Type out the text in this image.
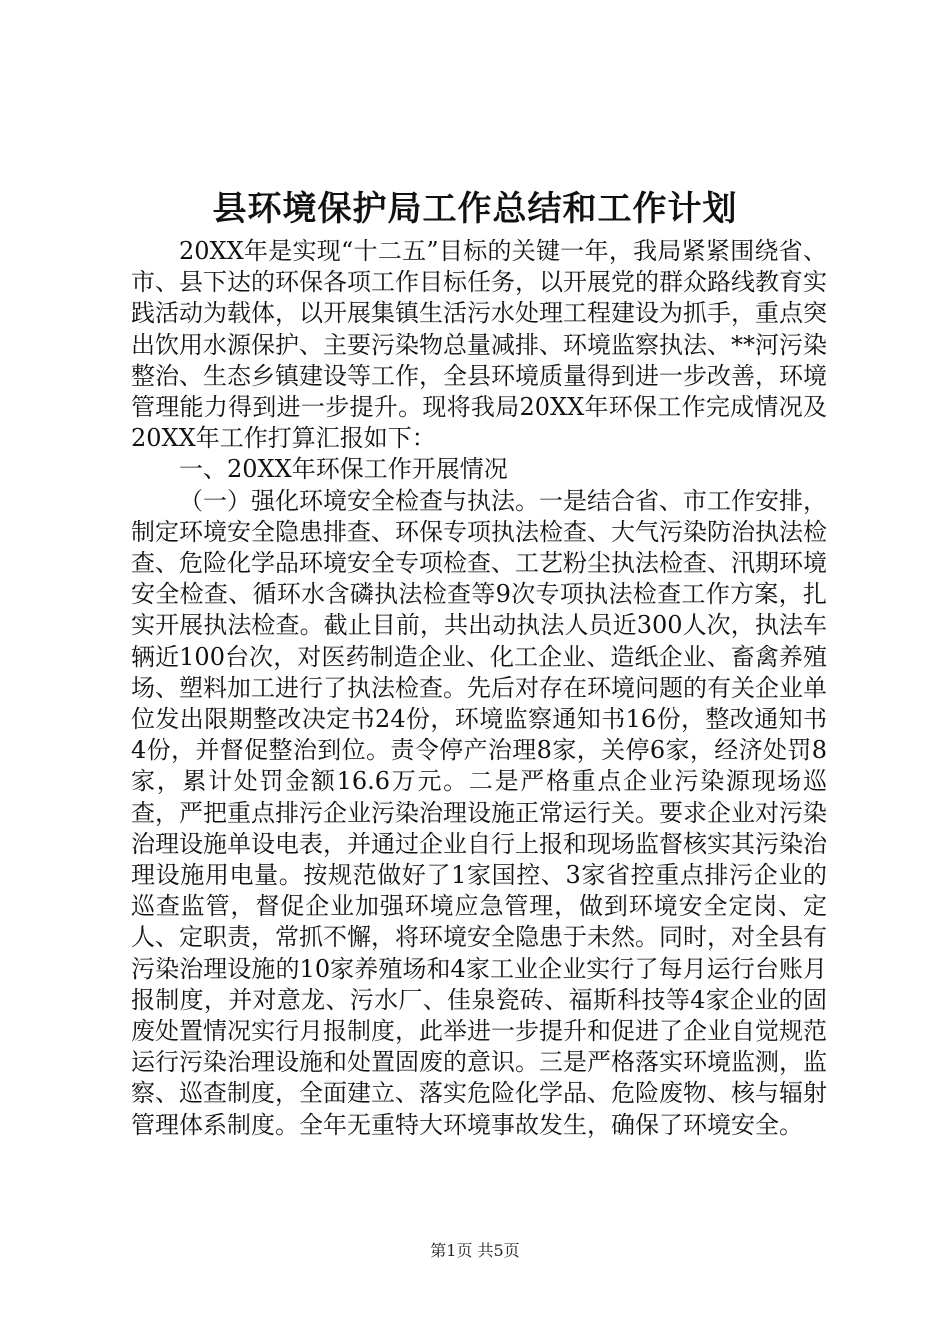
县环境保护局工作总结和工作计划

20XX年是实现“十二五”目标的关键一年，我局紧紧围绕省、市、县下达的环保各项工作目标任务，以开展党的群众路线教育实践活动为载体，以开展集镇生活污水处理工程建设为抓手，重点突出饮用水源保护、主要污染物总量减排、环境监察执法、**河污染整治、生态乡镇建设等工作，全县环境质量得到进一步改善，环境管理能力得到进一步提升。现将我局20XX年环保工作完成情况及20XX年工作打算汇报如下：

一、20XX年环保工作开展情况

（一）强化环境安全检查与执法。一是结合省、市工作安排，制定环境安全隐患排查、环保专项执法检查、大气污染防治执法检查、危险化学品环境安全专项检查、工艺粉尘执法检查、汛期环境安全检查、循环水含磷执法检查等9次专项执法检查工作方案，扎实开展执法检查。截止目前，共出动执法人员近300人次，执法车辆近100台次，对医药制造企业、化工企业、造纸企业、畜禽养殖场、塑料加工进行了执法检查。先后对存在环境问题的有关企业单位发出限期整改决定书24份，环境监察通知书16份，整改通知书4份，并督促整治到位。责令停产治理8家，关停6家，经济处罚8家，累计处罚金额16.6万元。二是严格重点企业污染源现场巡查，严把重点排污企业污染治理设施正常运行关。要求企业对污染治理设施单设电表，并通过企业自行上报和现场监督核实其污染治理设施用电量。按规范做好了1家国控、3家省控重点排污企业的巡查监管，督促企业加强环境应急管理，做到环境安全定岗、定人、定职责，常抓不懈，将环境安全隐患于未然。同时，对全县有污染治理设施的10家养殖场和4家工业企业实行了每月运行台账月报制度，并对意龙、污水厂、佳泉瓷砖、福斯科技等4家企业的固废处置情况实行月报制度，此举进一步提升和促进了企业自觉规范运行污染治理设施和处置固废的意识。三是严格落实环境监测，监察、巡查制度，全面建立、落实危险化学品、危险废物、核与辐射管理体系制度。全年无重特大环境事故发生，确保了环境安全。

第1页 共5页
